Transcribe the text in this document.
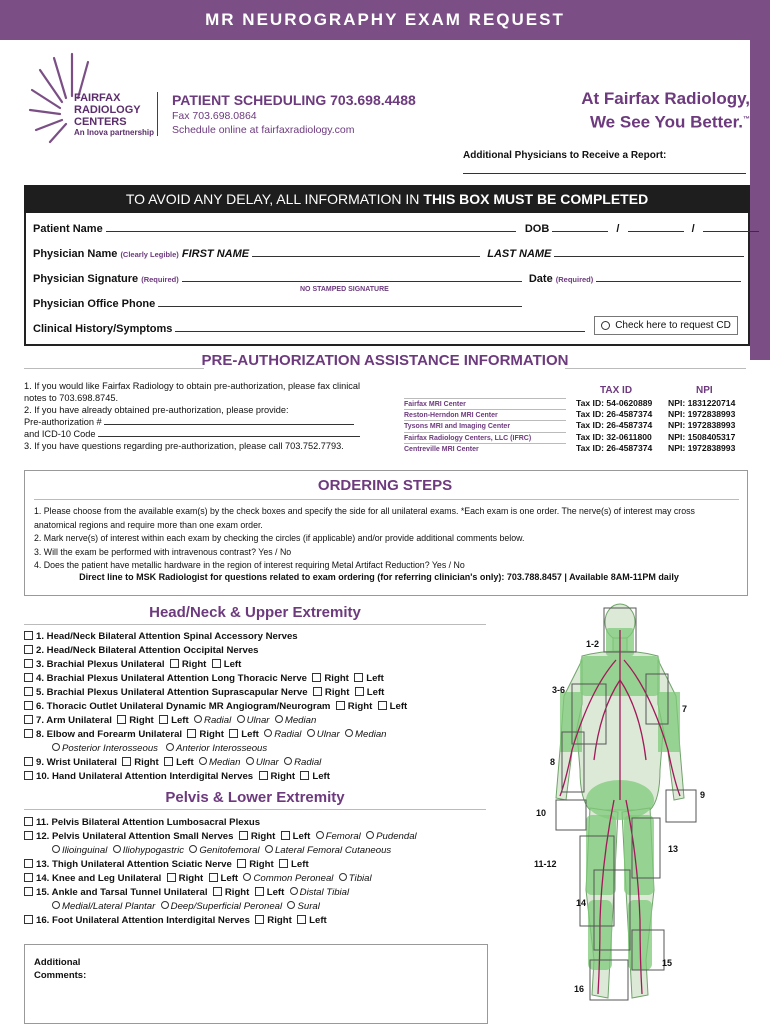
MR NEUROGRAPHY EXAM REQUEST
FAIRFAX
RADIOLOGY
CENTERS
An Inova partnership
PATIENT SCHEDULING 703.698.4488
Fax 703.698.0864
Schedule online at fairfaxradiology.com
At Fairfax Radiology,
We See You Better.™
Additional Physicians to Receive a Report:
TO AVOID ANY DELAY, ALL INFORMATION IN THIS BOX MUST BE COMPLETED
Patient Name	DOB	/	/
Physician Name (Clearly Legible) FIRST NAME	LAST NAME
Physician Signature (Required)	Date (Required)
NO STAMPED SIGNATURE
Physician Office Phone
Clinical History/Symptoms	Check here to request CD
PRE-AUTHORIZATION ASSISTANCE INFORMATION
1. If you would like Fairfax Radiology to obtain pre-authorization, please fax clinical
notes to 703.698.8745.
2. If you have already obtained pre-authorization, please provide:
Pre-authorization #
and ICD-10 Code
3. If you have questions regarding pre-authorization, please call 703.752.7793.
TAX ID	NPI
Fairfax MRI Center	Tax ID: 54-0620889 NPI: 1831220714
Reston-Herndon MRI Center	Tax ID: 26-4587374 NPI: 1972838993
Tysons MRI and Imaging Center	Tax ID: 26-4587374 NPI: 1972838993
Fairfax Radiology Centers, LLC (IFRC)	Tax ID: 32-0611800 NPI: 1508405317
Centreville MRI Center	Tax ID: 26-4587374 NPI: 1972838993
ORDERING STEPS
1. Please choose from the available exam(s) by the check boxes and specify the side for all unilateral exams. *Each exam is one order. The nerve(s) of interest may cross
anatomical regions and require more than one exam order.
2. Mark nerve(s) of interest within each exam by checking the circles (if applicable) and/or provide additional comments below.
3. Will the exam be performed with intravenous contrast? Yes / No
4. Does the patient have metallic hardware in the region of interest requiring Metal Artifact Reduction? Yes / No
Direct line to MSK Radiologist for questions related to exam ordering (for referring clinician's only): 703.788.8457 | Available 8AM-11PM daily
Head/Neck & Upper Extremity
1. Head/Neck Bilateral Attention Spinal Accessory Nerves
2. Head/Neck Bilateral Attention Occipital Nerves
3. Brachial Plexus Unilateral Right Left
4. Brachial Plexus Unilateral Attention Long Thoracic Nerve Right Left
5. Brachial Plexus Unilateral Attention Suprascapular Nerve Right Left
6. Thoracic Outlet Unilateral Dynamic MR Angiogram/Neurogram Right Left
7. Arm Unilateral Right Left Radial Ulnar Median
8. Elbow and Forearm Unilateral Right Left Radial Ulnar Median
Posterior Interosseous Anterior Interosseous
9. Wrist Unilateral Right Left Median Ulnar Radial
10. Hand Unilateral Attention Interdigital Nerves Right Left
Pelvis & Lower Extremity
11. Pelvis Bilateral Attention Lumbosacral Plexus
12. Pelvis Unilateral Attention Small Nerves Right Left Femoral Pudendal
Ilioinguinal Iliohypogastric Genitofemoral Lateral Femoral Cutaneous
13. Thigh Unilateral Attention Sciatic Nerve Right Left
14. Knee and Leg Unilateral Right Left Common Peroneal Tibial
15. Ankle and Tarsal Tunnel Unilateral Right Left Distal Tibial
Medial/Lateral Plantar Deep/Superficial Peroneal Sural
16. Foot Unilateral Attention Interdigital Nerves Right Left
Additional
Comments:
1-2
3-6
7
8
9
10
11-12
13
14
15
16
